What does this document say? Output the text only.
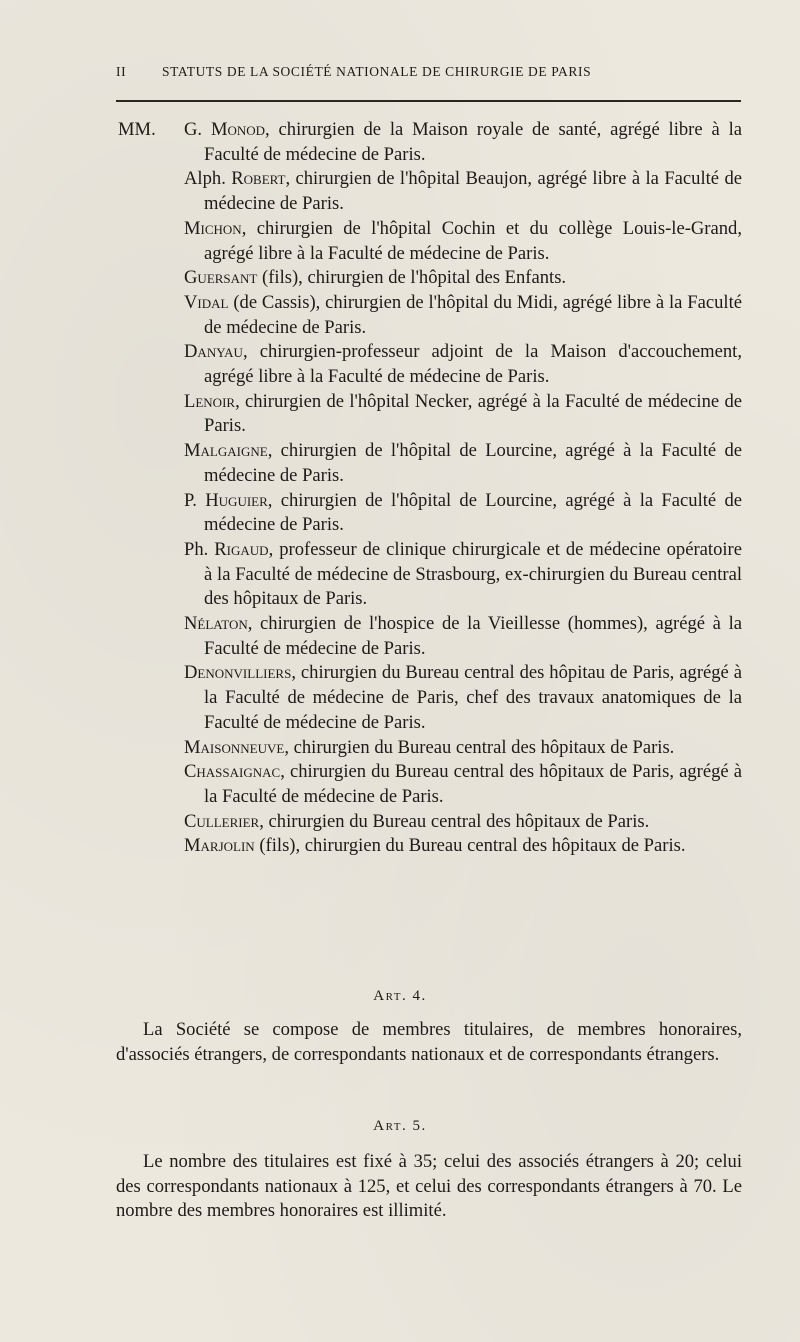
II	STATUTS DE LA SOCIÉTÉ NATIONALE DE CHIRURGIE DE PARIS
MM. G. Monod, chirurgien de la Maison royale de santé, agrégé libre à la Faculté de médecine de Paris.

Alph. Robert, chirurgien de l'hôpital Beaujon, agrégé libre à la Faculté de médecine de Paris.

Michon, chirurgien de l'hôpital Cochin et du collège Louis-le-Grand, agrégé libre à la Faculté de médecine de Paris.

Guersant (fils), chirurgien de l'hôpital des Enfants.

Vidal (de Cassis), chirurgien de l'hôpital du Midi, agrégé libre à la Faculté de médecine de Paris.

Danyau, chirurgien-professeur adjoint de la Maison d'accouchement, agrégé libre à la Faculté de médecine de Paris.

Lenoir, chirurgien de l'hôpital Necker, agrégé à la Faculté de médecine de Paris.

Malgaigne, chirurgien de l'hôpital de Lourcine, agrégé à la Faculté de médecine de Paris.

P. Huguier, chirurgien de l'hôpital de Lourcine, agrégé à la Faculté de médecine de Paris.

Ph. Rigaud, professeur de clinique chirurgicale et de médecine opératoire à la Faculté de médecine de Strasbourg, ex-chirurgien du Bureau central des hôpitaux de Paris.

Nélaton, chirurgien de l'hospice de la Vieillesse (hommes), agrégé à la Faculté de médecine de Paris.

Denonvilliers, chirurgien du Bureau central des hôpitau de Paris, agrégé à la Faculté de médecine de Paris, chef des travaux anatomiques de la Faculté de médecine de Paris.

Maisonneuve, chirurgien du Bureau central des hôpitaux de Paris.

Chassaignac, chirurgien du Bureau central des hôpitaux de Paris, agrégé à la Faculté de médecine de Paris.

Cullerier, chirurgien du Bureau central des hôpitaux de Paris.

Marjolin (fils), chirurgien du Bureau central des hôpitaux de Paris.

Art. 4.

La Société se compose de membres titulaires, de membres honoraires, d'associés étrangers, de correspondants nationaux et de correspondants étrangers.

Art. 5.

Le nombre des titulaires est fixé à 35; celui des associés étrangers à 20; celui des correspondants nationaux à 125, et celui des correspondants étrangers à 70. Le nombre des membres honoraires est illimité.
